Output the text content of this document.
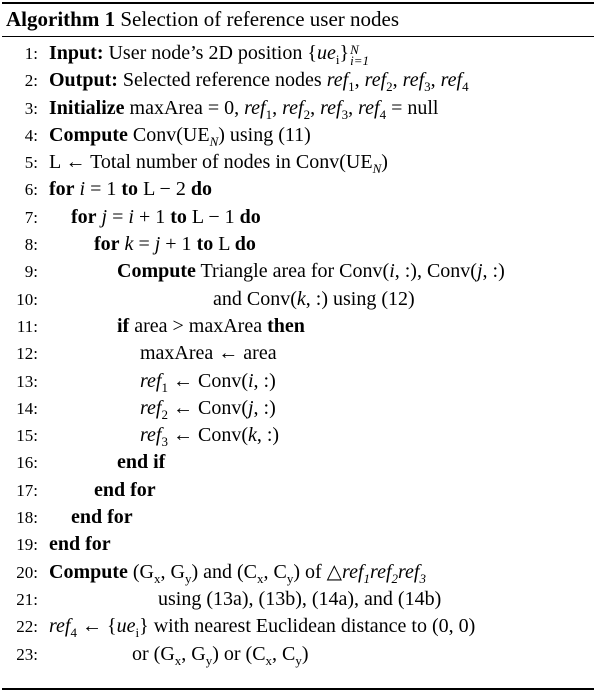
Algorithm 1 Selection of reference user nodes
1: Input: User node’s 2D position $\{ue_i\}$ N
i=1
2: Output: Selected reference nodes ref$_1$, ref$_2$, ref$_3$, ref$_4$
3: Initialize maxArea = 0, ref$_1$, ref$_2$, ref$_3$, ref$_4$ = null
4: Compute $Conv(UE_N)$ using (11)
5: L ← Total number of nodes in $Conv(UE_N)$
6: for i = 1 to L − 2 do
7: for j = i + 1 to L − 1 do
8:	for k = j + 1 to L do
9:	Compute Triangle area for Conv(i, :), Conv(j, :)
10:	and Conv(k, :) using (12)
11:	if area > maxArea then
12:	maxArea ← area
13:	ref$_1$ ← Conv(i, :)
14:	ref$_2$ ← Conv(j, :)
15:	ref$_3$ ← Conv(k, :)
16:	end if
17:	end for
18: end for
19: end for
20: Compute ($G_x$, $G_y$) and ($C_x$, $C_y$) of △ref$_1$ref$_2$ref$_3$
21:	using (13a), (13b), (14a), and (14b)
22: ref$_4$ ← $\{ue_i\}$ with nearest Euclidean distance to (0, 0)
23:	or ($G_x$, $G_y$) or ($C_x$, $C_y$)
